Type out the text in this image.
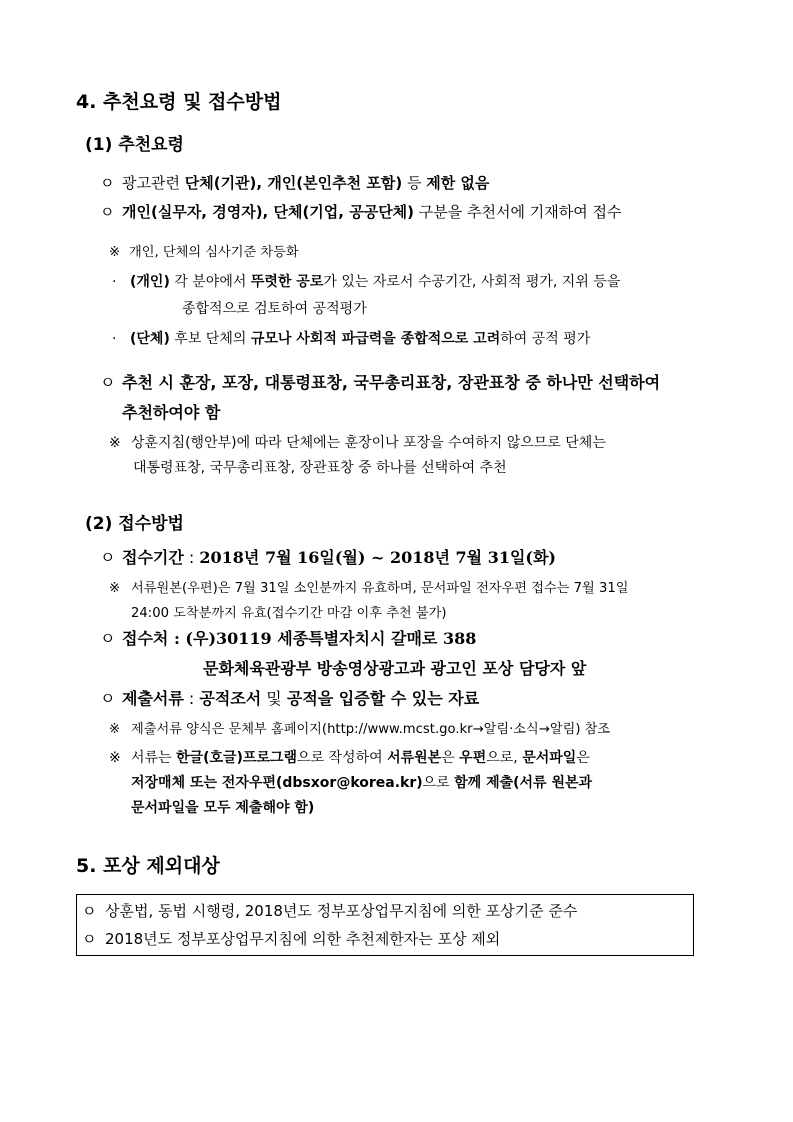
4. 추천요령 및 접수방법
(1) 추천요령
ㅇ 광고관련 단체(기관), 개인(본인추천 포함) 등 제한 없음
ㅇ 개인(실무자, 경영자), 단체(기업, 공공단체) 구분을 추천서에 기재하여 접수
※ 개인, 단체의 심사기준 차등화
· (개인) 각 분야에서 뚜렷한 공로가 있는 자로서 수공기간, 사회적 평가, 지위 등을
종합적으로 검토하여 공적평가
· (단체) 후보 단체의 규모나 사회적 파급력을 종합적으로 고려하여 공적 평가
ㅇ 추천 시 훈장, 포장, 대통령표창, 국무총리표창, 장관표창 중 하나만 선택하여
추천하여야 함
※ 상훈지침(행안부)에 따라 단체에는 훈장이나 포장을 수여하지 않으므로 단체는
대통령표창, 국무총리표창, 장관표창 중 하나를 선택하여 추천
(2) 접수방법
ㅇ 접수기간 : 2018년 7월 16일(월) ~ 2018년 7월 31일(화)
※ 서류원본(우편)은 7월 31일 소인분까지 유효하며, 문서파일 전자우편 접수는 7월 31일
24:00 도착분까지 유효(접수기간 마감 이후 추천 불가)
ㅇ 접수처 : (우)30119 세종특별자치시 갈매로 388
문화체육관광부 방송영상광고과 광고인 포상 담당자 앞
ㅇ 제출서류 : 공적조서 및 공적을 입증할 수 있는 자료
※ 제출서류 양식은 문체부 홈페이지(http://www.mcst.go.kr→알림·소식→알림) 참조
※ 서류는 한글(호글)프로그램으로 작성하여 서류원본은 우편으로, 문서파일은
저장매체 또는 전자우편(dbsxor@korea.kr)으로 함께 제출(서류 원본과
문서파일을 모두 제출해야 함)
5. 포상 제외대상
ㅇ 상훈법, 동법 시행령, 2018년도 정부포상업무지침에 의한 포상기준 준수
ㅇ 2018년도 정부포상업무지침에 의한 추천제한자는 포상 제외
